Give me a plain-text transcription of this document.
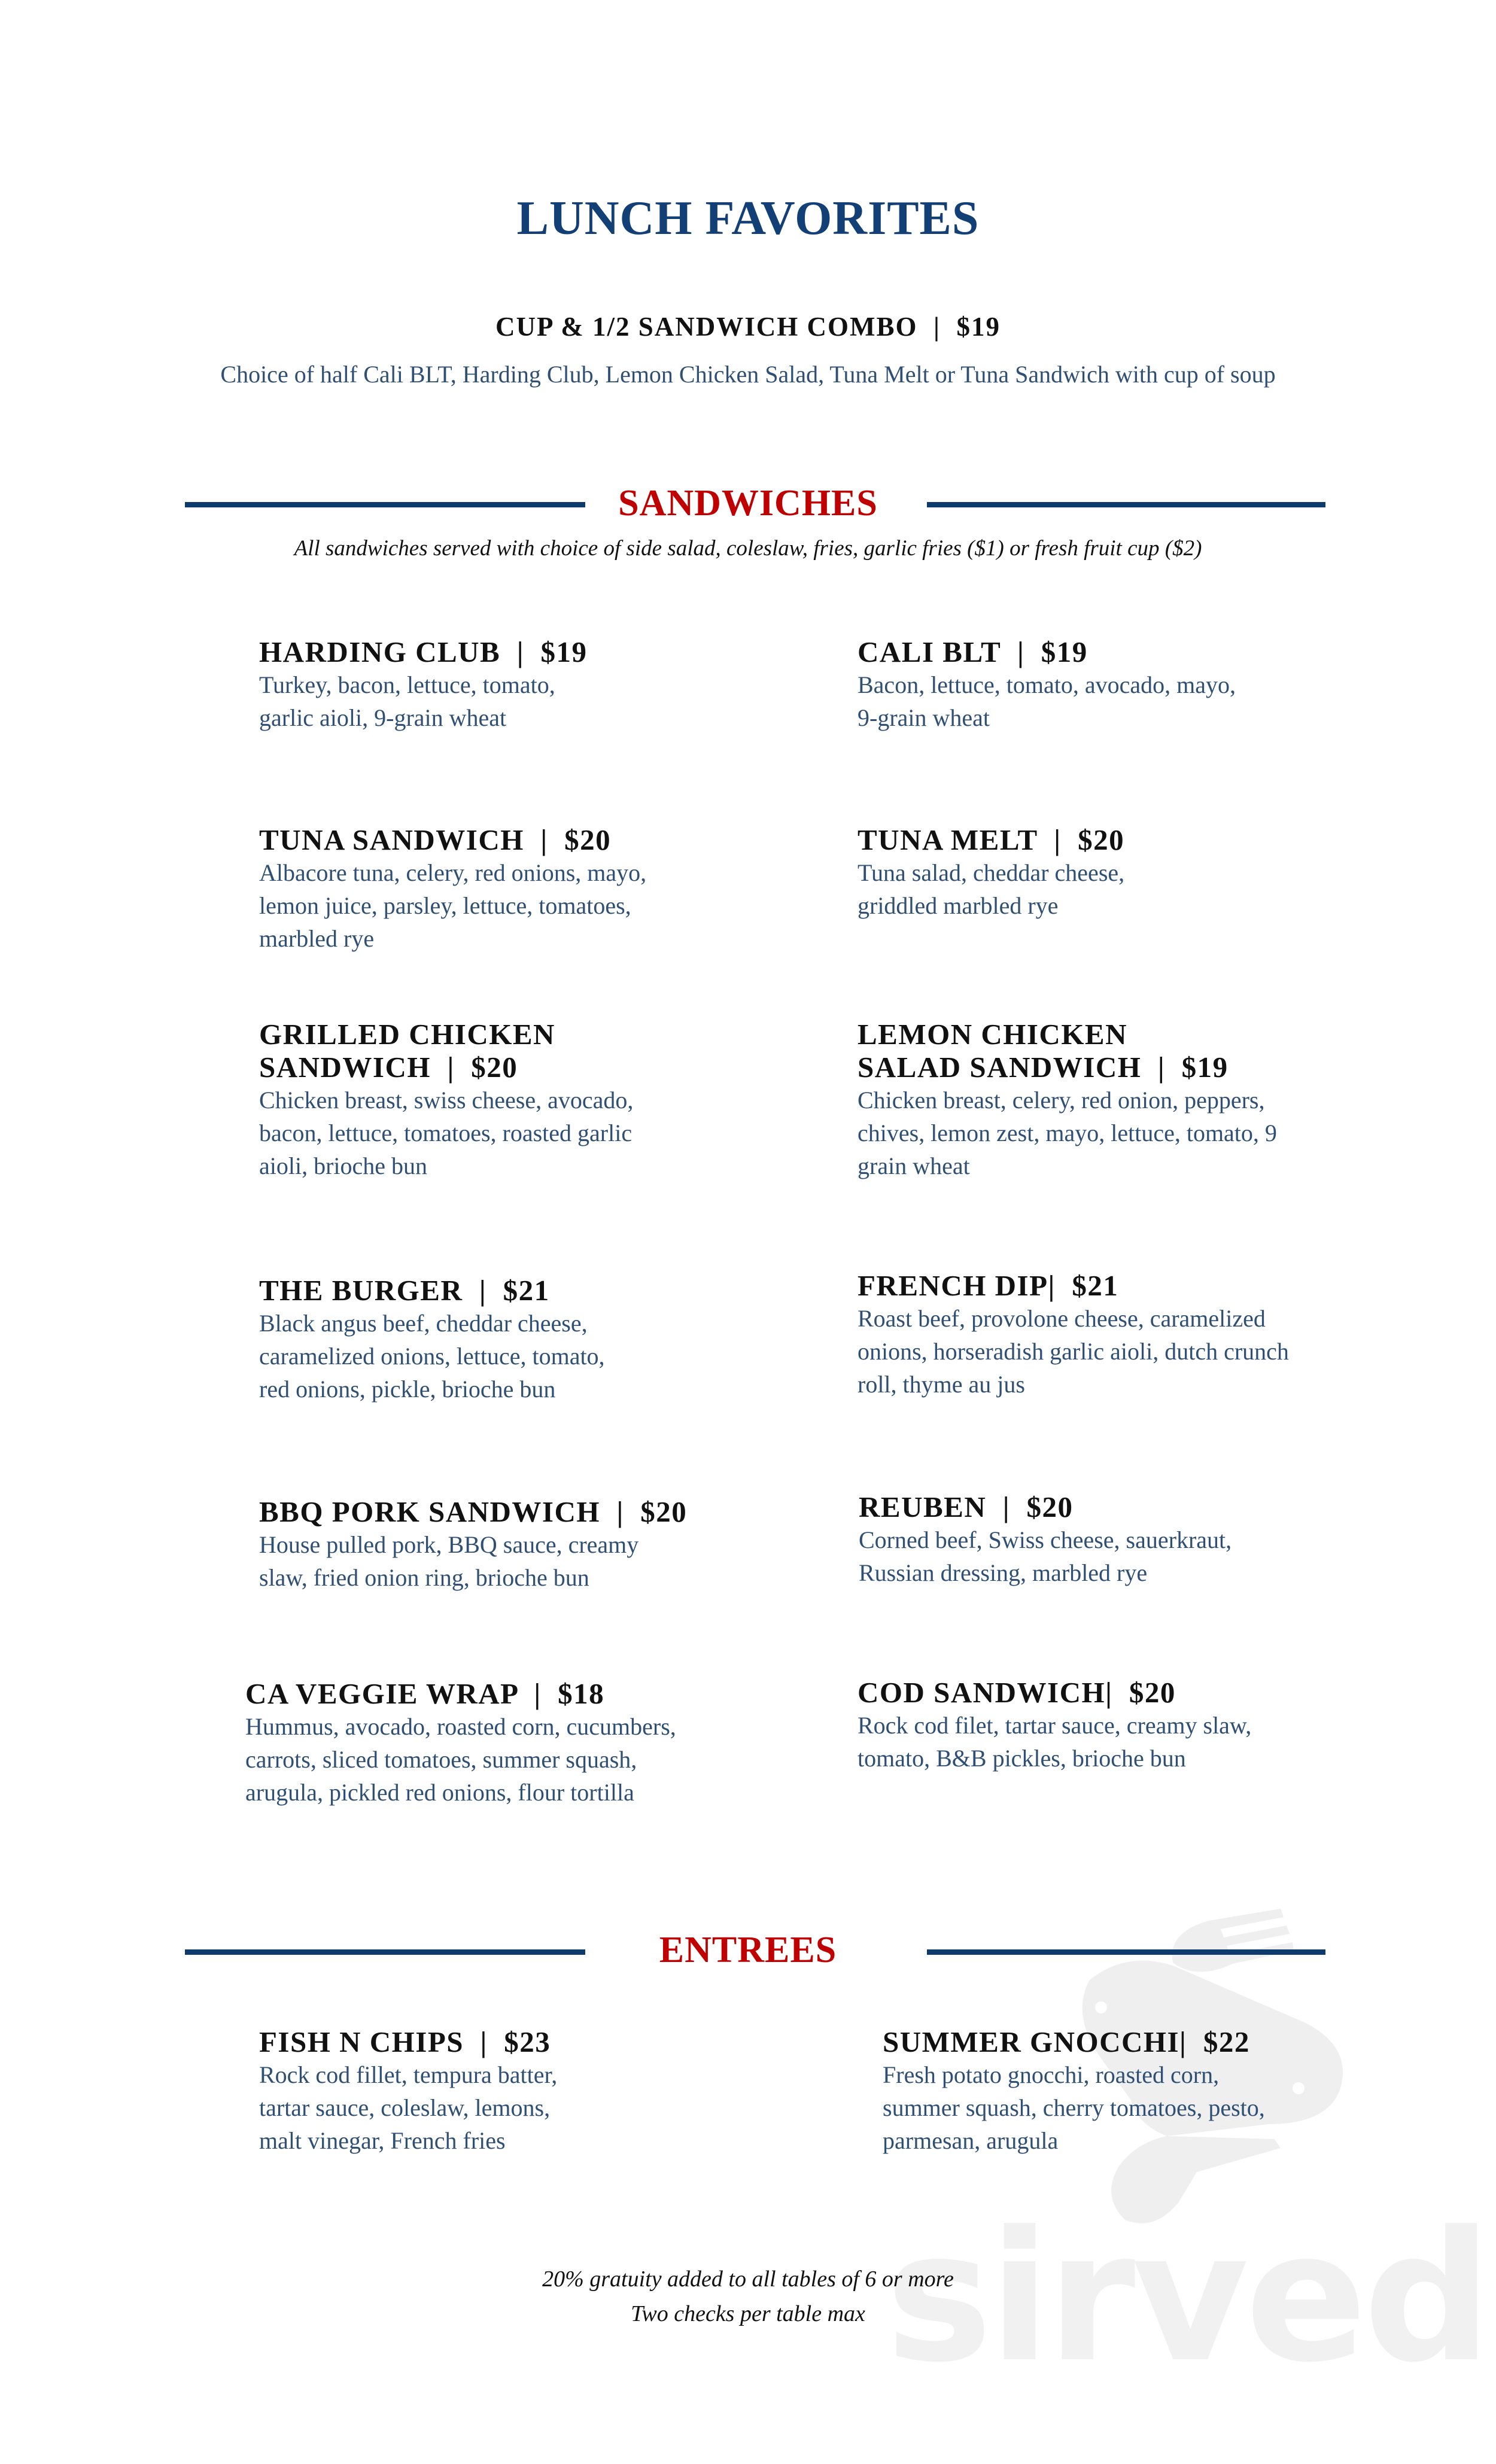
sirved
LUNCH FAVORITES
CUP & 1/2 SANDWICH COMBO  |  $19
Choice of half Cali BLT, Harding Club, Lemon Chicken Salad, Tuna Melt or Tuna Sandwich with cup of soup
SANDWICHES
All sandwiches served with choice of side salad, coleslaw, fries, garlic fries ($1) or fresh fruit cup ($2)
HARDING CLUB  |  $19
Turkey, bacon, lettuce, tomato,
garlic aioli, 9-grain wheat
CALI BLT  |  $19
Bacon, lettuce, tomato, avocado, mayo,
9-grain wheat
TUNA SANDWICH  |  $20
Albacore tuna, celery, red onions, mayo,
lemon juice, parsley, lettuce, tomatoes,
marbled rye
TUNA MELT  |  $20
Tuna salad, cheddar cheese,
griddled marbled rye
GRILLED CHICKEN
SANDWICH  |  $20
Chicken breast, swiss cheese, avocado,
bacon, lettuce, tomatoes, roasted garlic
aioli, brioche bun
LEMON CHICKEN
SALAD SANDWICH  |  $19
Chicken breast, celery, red onion, peppers,
chives, lemon zest, mayo, lettuce, tomato, 9
grain wheat
THE BURGER  |  $21
Black angus beef, cheddar cheese,
caramelized onions, lettuce, tomato,
red onions, pickle, brioche bun
FRENCH DIP|  $21
Roast beef, provolone cheese, caramelized
onions, horseradish garlic aioli, dutch crunch
roll, thyme au jus
BBQ PORK SANDWICH  |  $20
House pulled pork, BBQ sauce, creamy
slaw, fried onion ring, brioche bun
REUBEN  |  $20
Corned beef, Swiss cheese, sauerkraut,
Russian dressing, marbled rye
CA VEGGIE WRAP  |  $18
Hummus, avocado, roasted corn, cucumbers,
carrots, sliced tomatoes, summer squash,
arugula, pickled red onions, flour tortilla
COD SANDWICH|  $20
Rock cod filet, tartar sauce, creamy slaw,
tomato, B&B pickles, brioche bun
ENTREES
FISH N CHIPS  |  $23
Rock cod fillet, tempura batter,
tartar sauce, coleslaw, lemons,
malt vinegar, French fries
SUMMER GNOCCHI|  $22
Fresh potato gnocchi, roasted corn,
summer squash, cherry tomatoes, pesto,
parmesan, arugula
20% gratuity added to all tables of 6 or more
Two checks per table max
